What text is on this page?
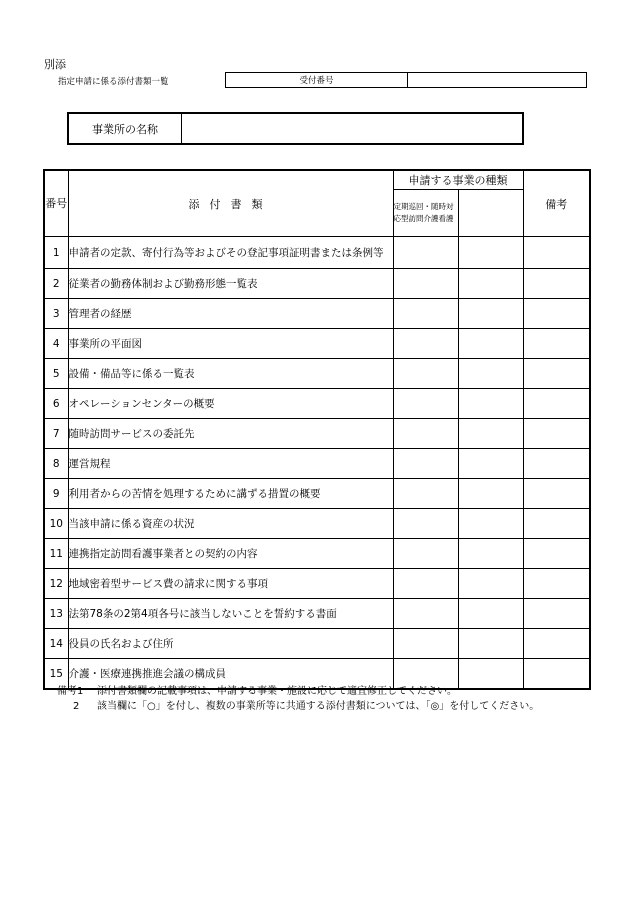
別添
指定申請に係る添付書類一覧	受付番号
事業所の名称
番号	添付書類	申請する事業の種類		備考
		定期巡回・随時対応型訪問介護看護		
1	申請者の定款、寄付行為等およびその登記事項証明書または条例等			
2	従業者の勤務体制および勤務形態一覧表			
3	管理者の経歴			
4	事業所の平面図			
5	設備・備品等に係る一覧表			
6	オペレーションセンターの概要			
7	随時訪問サービスの委託先			
8	運営規程			
9	利用者からの苦情を処理するために講ずる措置の概要			
10	当該申請に係る資産の状況			
11	連携指定訪問看護事業者との契約の内容			
12	地域密着型サービス費の請求に関する事項			
13	法第78条の2第4項各号に該当しないことを誓約する書面			
14	役員の氏名および住所			
15	介護・医療連携推進会議の構成員			
備考1	添付書類欄の記載事項は、申請する事業・施設に応じて適宜修正してください。
2	該当欄に「○」を付し、複数の事業所等に共通する添付書類については、「◎」を付してください。
